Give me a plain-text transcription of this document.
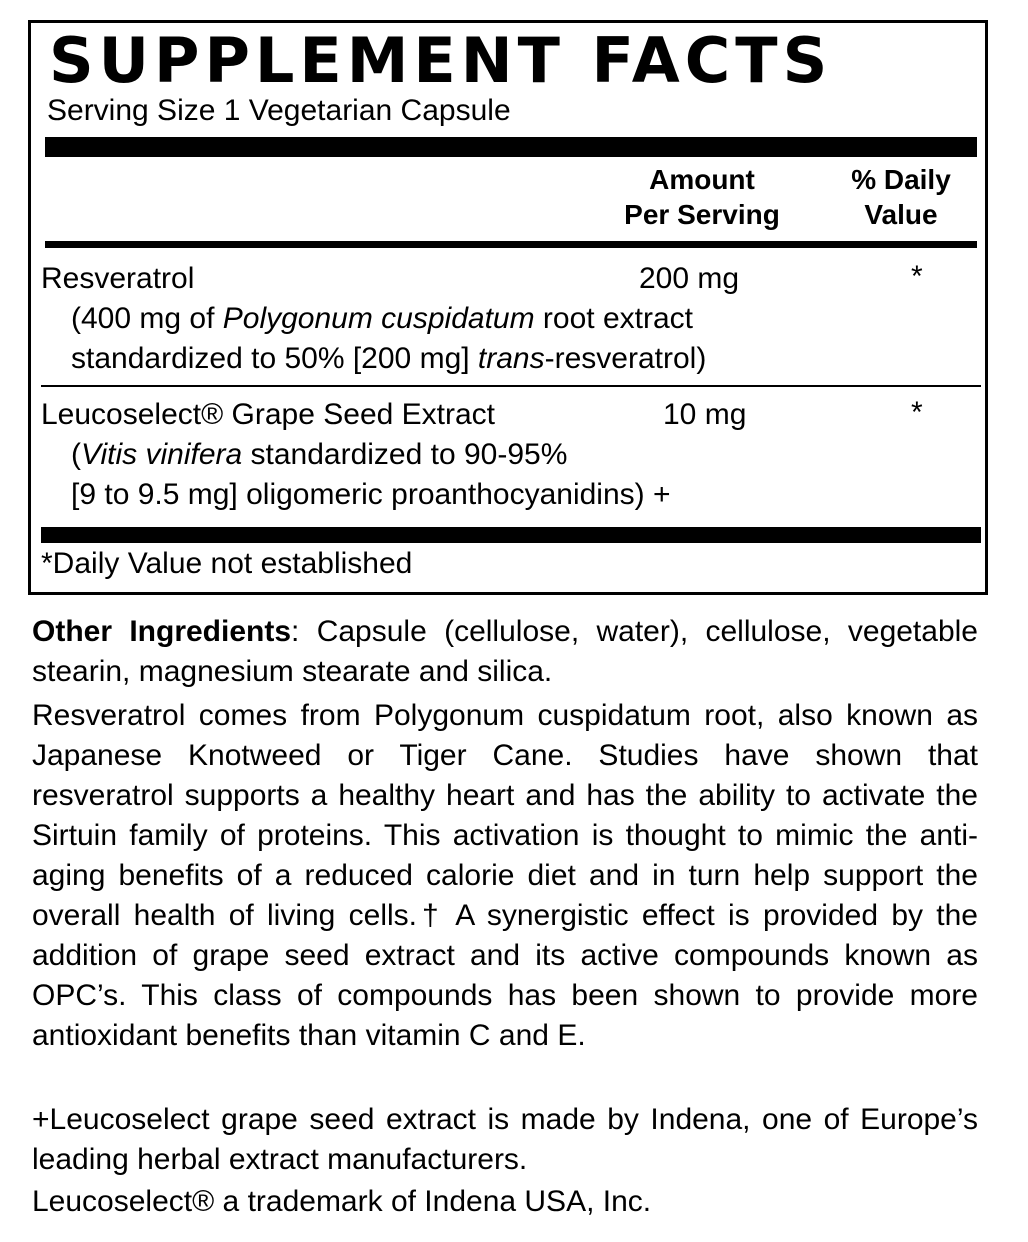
SUPPLEMENT FACTS
Serving Size 1 Vegetarian Capsule
Amount
Per Serving
% Daily
Value
Resveratrol
(400 mg of Polygonum cuspidatum root extract
standardized to 50% [200 mg] trans-resveratrol)
200 mg	*
Leucoselect® Grape Seed Extract
(Vitis vinifera standardized to 90-95%
[9 to 9.5 mg] oligomeric proanthocyanidins) +
10 mg	*
*Daily Value not established
Other Ingredients: Capsule (cellulose, water), cellulose, vegetable stearin, magnesium stearate and silica.
Resveratrol comes from Polygonum cuspidatum root, also known as Japanese Knotweed or Tiger Cane. Studies have shown that resveratrol supports a healthy heart and has the ability to activate the Sirtuin family of proteins. This activation is thought to mimic the anti-aging benefits of a reduced calorie diet and in turn help support the overall health of living cells.† A synergistic effect is provided by the addition of grape seed extract and its active compounds known as OPC’s. This class of compounds has been shown to provide more antioxidant benefits than vitamin C and E.
+Leucoselect grape seed extract is made by Indena, one of Europe’s leading herbal extract manufacturers.
Leucoselect® a trademark of Indena USA, Inc.
